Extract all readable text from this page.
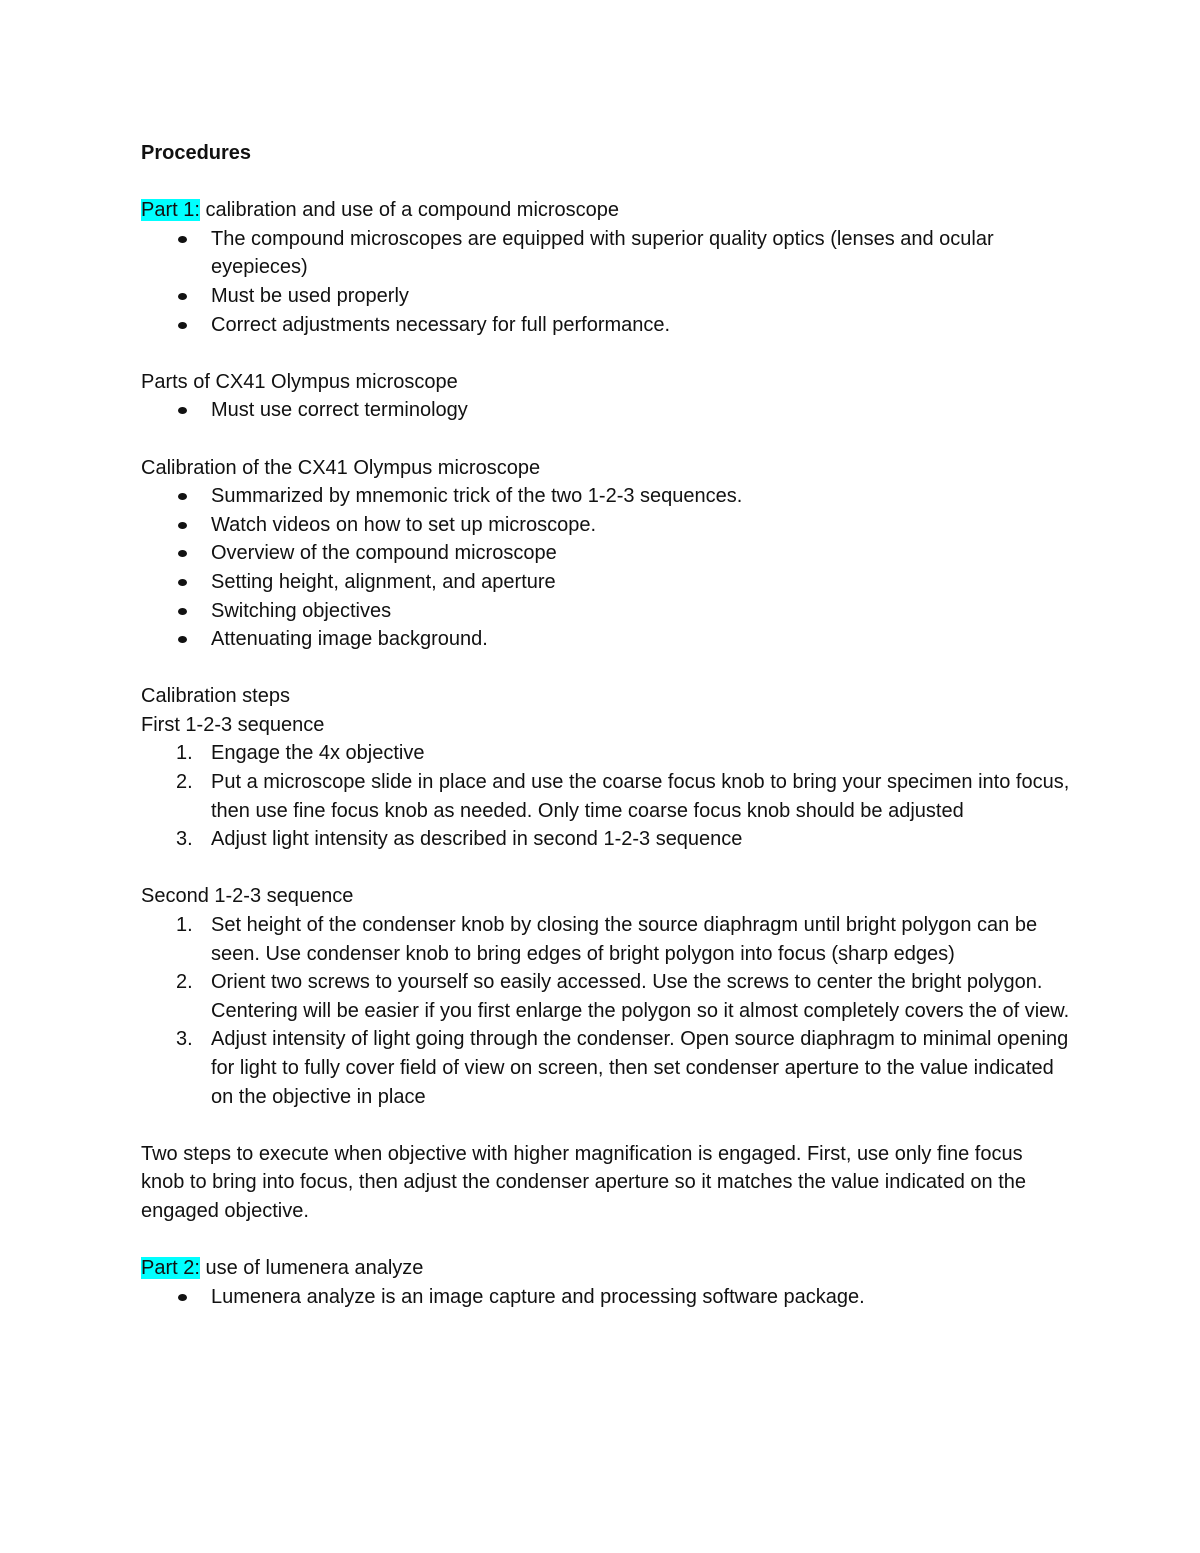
Procedures

Part 1: calibration and use of a compound microscope

The compound microscopes are equipped with superior quality optics (lenses and ocular eyepieces)
Must be used properly
Correct adjustments necessary for full performance.

Parts of CX41 Olympus microscope

Must use correct terminology

Calibration of the CX41 Olympus microscope

Summarized by mnemonic trick of the two 1-2-3 sequences.
Watch videos on how to set up microscope.
Overview of the compound microscope
Setting height, alignment, and aperture
Switching objectives
Attenuating image background.

Calibration steps

First 1-2-3 sequence

1. Engage the 4x objective
2. Put a microscope slide in place and use the coarse focus knob to bring your specimen into focus, then use fine focus knob as needed. Only time coarse focus knob should be adjusted
3. Adjust light intensity as described in second 1-2-3 sequence

Second 1-2-3 sequence

1. Set height of the condenser knob by closing the source diaphragm until bright polygon can be seen. Use condenser knob to bring edges of bright polygon into focus (sharp edges)
2. Orient two screws to yourself so easily accessed. Use the screws to center the bright polygon. Centering will be easier if you first enlarge the polygon so it almost completely covers the of view.
3. Adjust intensity of light going through the condenser. Open source diaphragm to minimal opening for light to fully cover field of view on screen, then set condenser aperture to the value indicated on the objective in place

Two steps to execute when objective with higher magnification is engaged. First, use only fine focus knob to bring into focus, then adjust the condenser aperture so it matches the value indicated on the engaged objective.

Part 2: use of lumenera analyze

Lumenera analyze is an image capture and processing software package.
